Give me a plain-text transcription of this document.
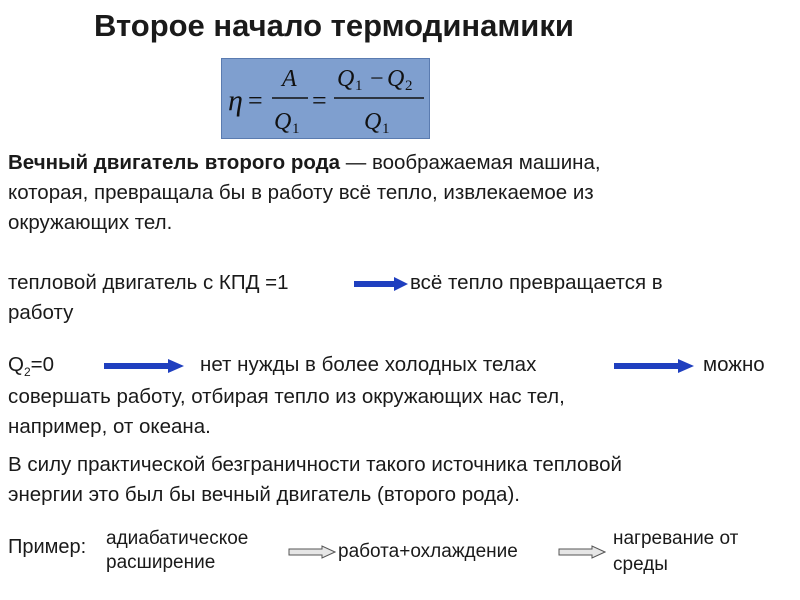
Второе начало термодинамики
η = =
A
Q
Q Q
Q
1
1 − 2
1
Вечный двигатель второго рода — воображаемая машина,
которая, превращала бы в работу всё тепло, извлекаемое из
окружающих тел.
тепловой двигатель с КПД =1	всё тепло превращается в
работу
$Q_2=0$	нет нужды в более холодных телах	можно
совершать работу, отбирая тепло из окружающих нас тел,
например, от океана.
В силу практической безграничности такого источника тепловой
энергии это был бы вечный двигатель (второго рода).
Пример: адиабатическое
расширение
работа+охлаждение
нагревание от
среды
